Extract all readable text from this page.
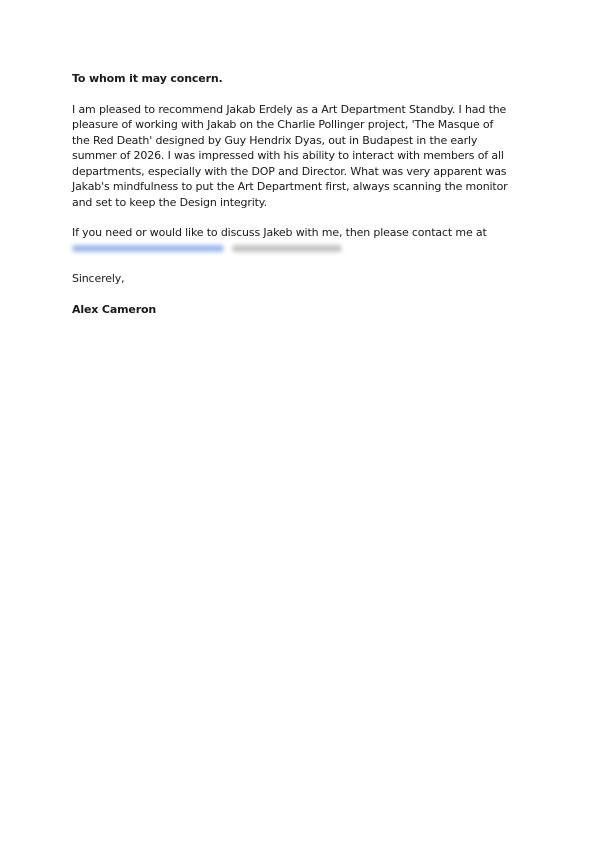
To whom it may concern.

I am pleased to recommend Jakab Erdely as a Art Department Standby. I had the pleasure of working with Jakab on the Charlie Pollinger project, 'The Masque of the Red Death' designed by Guy Hendrix Dyas, out in Budapest in the early summer of 2026. I was impressed with his ability to interact with members of all departments, especially with the DOP and Director. What was very apparent was Jakab's mindfulness to put the Art Department first, always scanning the monitor and set to keep the Design integrity.

If you need or would like to discuss Jakeb with me, then please contact me at

Sincerely,

Alex Cameron
